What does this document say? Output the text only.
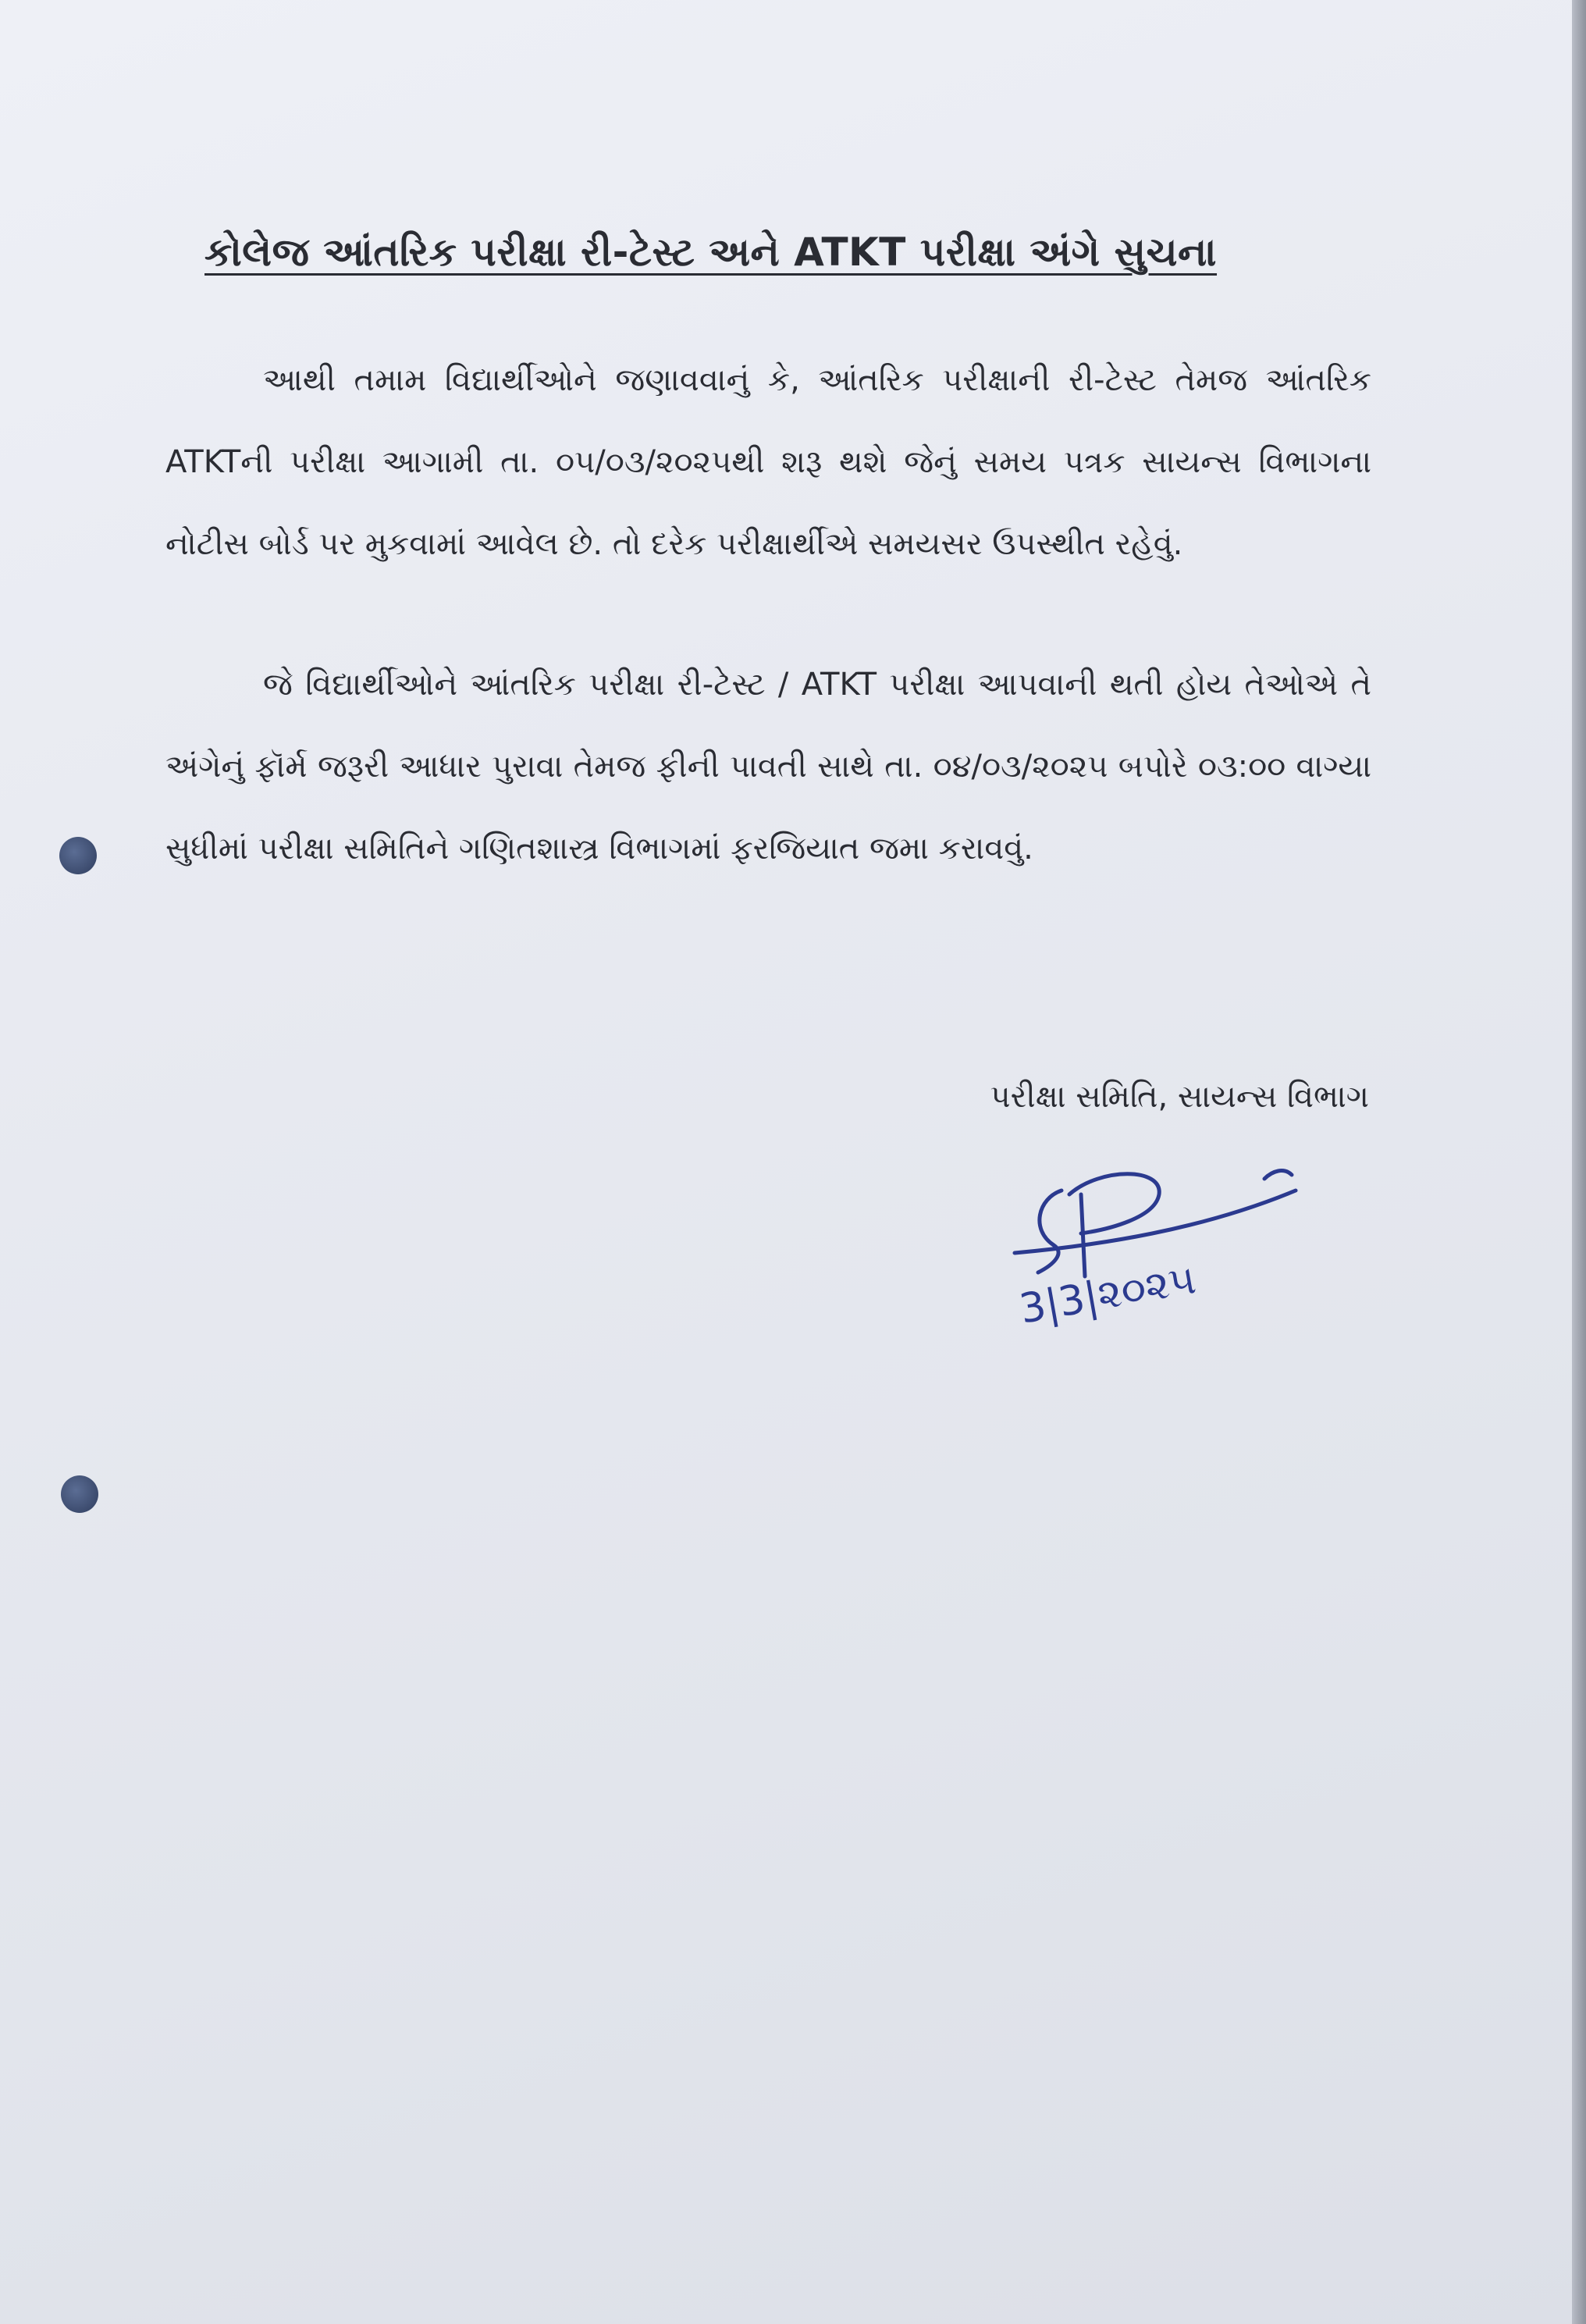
કોલેજ આંતરિક પરીક્ષા રી-ટેસ્ટ અને ATKT પરીક્ષા અંગે સુચના

આથી તમામ વિદ્યાર્થીઓને જણાવવાનું કે, આંતરિક પરીક્ષાની રી-ટેસ્ટ તેમજ આંતરિક ATKTની પરીક્ષા આગામી તા. ૦૫/૦૩/૨૦૨૫થી શરૂ થશે જેનું સમય પત્રક સાયન્સ વિભાગના નોટીસ બોર્ડ પર મુકવામાં આવેલ છે. તો દરેક પરીક્ષાર્થીએ સમયસર ઉપસ્થીત રહેવું.

જે વિદ્યાર્થીઓને આંતરિક પરીક્ષા રી-ટેસ્ટ / ATKT પરીક્ષા આપવાની થતી હોય તેઓએ તે અંગેનું ફૉર્મ જરૂરી આધાર પુરાવા તેમજ ફીની પાવતી સાથે તા. ૦૪/૦૩/૨૦૨૫ બપોરે ૦૩:૦૦ વાગ્યા સુધીમાં પરીક્ષા સમિતિને ગણિતશાસ્ત્ર વિભાગમાં ફરજિયાત જમા કરાવવું.

પરીક્ષા સમિતિ, સાયન્સ વિભાગ
3|3|૨૦૨૫
